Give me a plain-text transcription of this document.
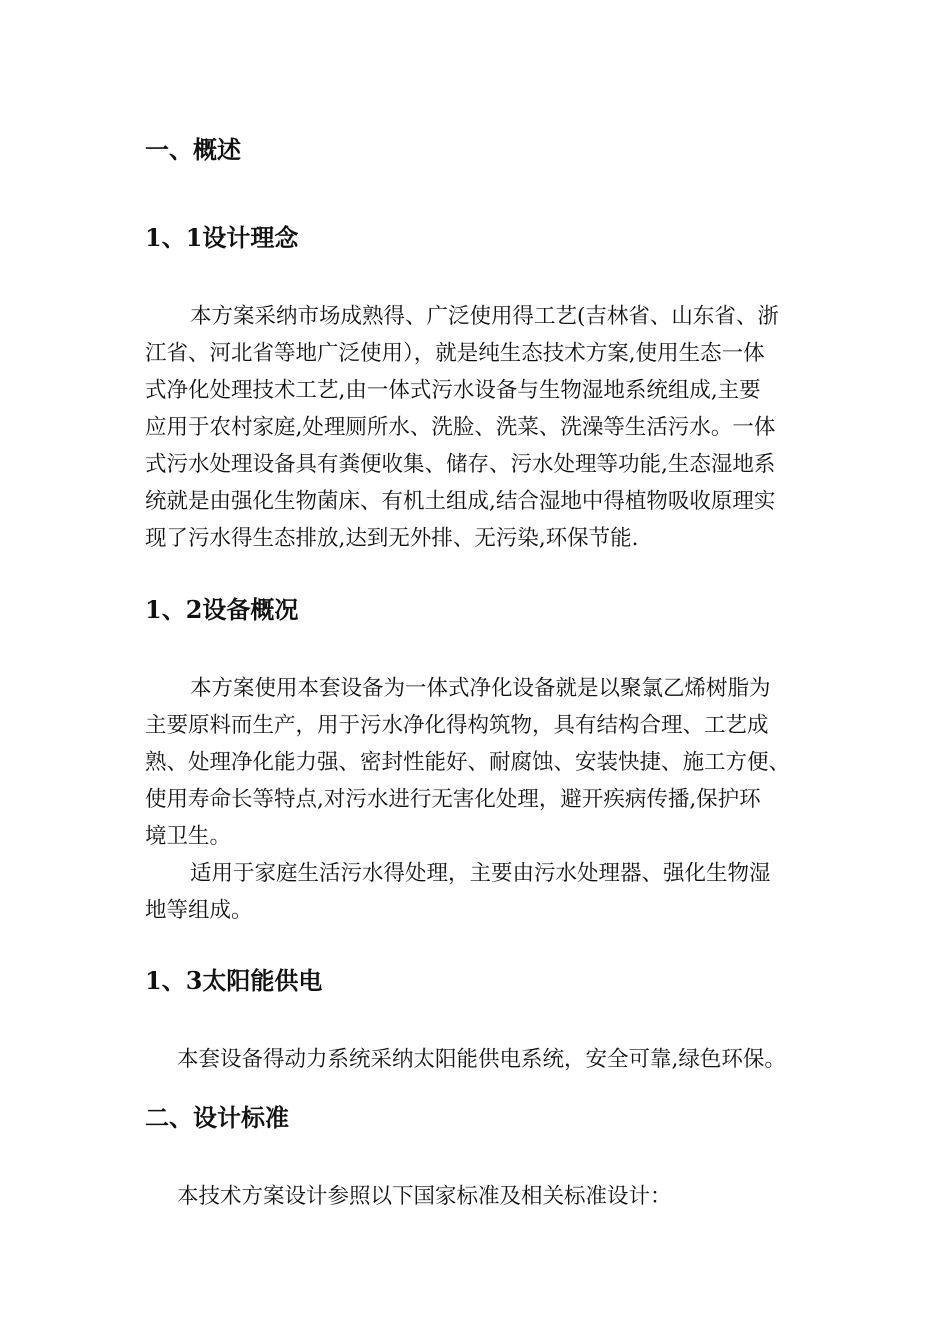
一、概述
1、1设计理念
本方案采纳市场成熟得、广泛使用得工艺(吉林省、山东省、浙
江省、河北省等地广泛使用），就是纯生态技术方案,使用生态一体
式净化处理技术工艺,由一体式污水设备与生物湿地系统组成,主要
应用于农村家庭,处理厕所水、洗脸、洗菜、洗澡等生活污水。一体
式污水处理设备具有粪便收集、储存、污水处理等功能,生态湿地系
统就是由强化生物菌床、有机土组成,结合湿地中得植物吸收原理实
现了污水得生态排放,达到无外排、无污染,环保节能.
1、2设备概况
本方案使用本套设备为一体式净化设备就是以聚氯乙烯树脂为
主要原料而生产，用于污水净化得构筑物，具有结构合理、工艺成
熟、处理净化能力强、密封性能好、耐腐蚀、安装快捷、施工方便、
使用寿命长等特点,对污水进行无害化处理，避开疾病传播,保护环
境卫生。
适用于家庭生活污水得处理，主要由污水处理器、强化生物湿
地等组成。
1、3太阳能供电
本套设备得动力系统采纳太阳能供电系统，安全可靠,绿色环保。
二、设计标准
本技术方案设计参照以下国家标准及相关标准设计：
